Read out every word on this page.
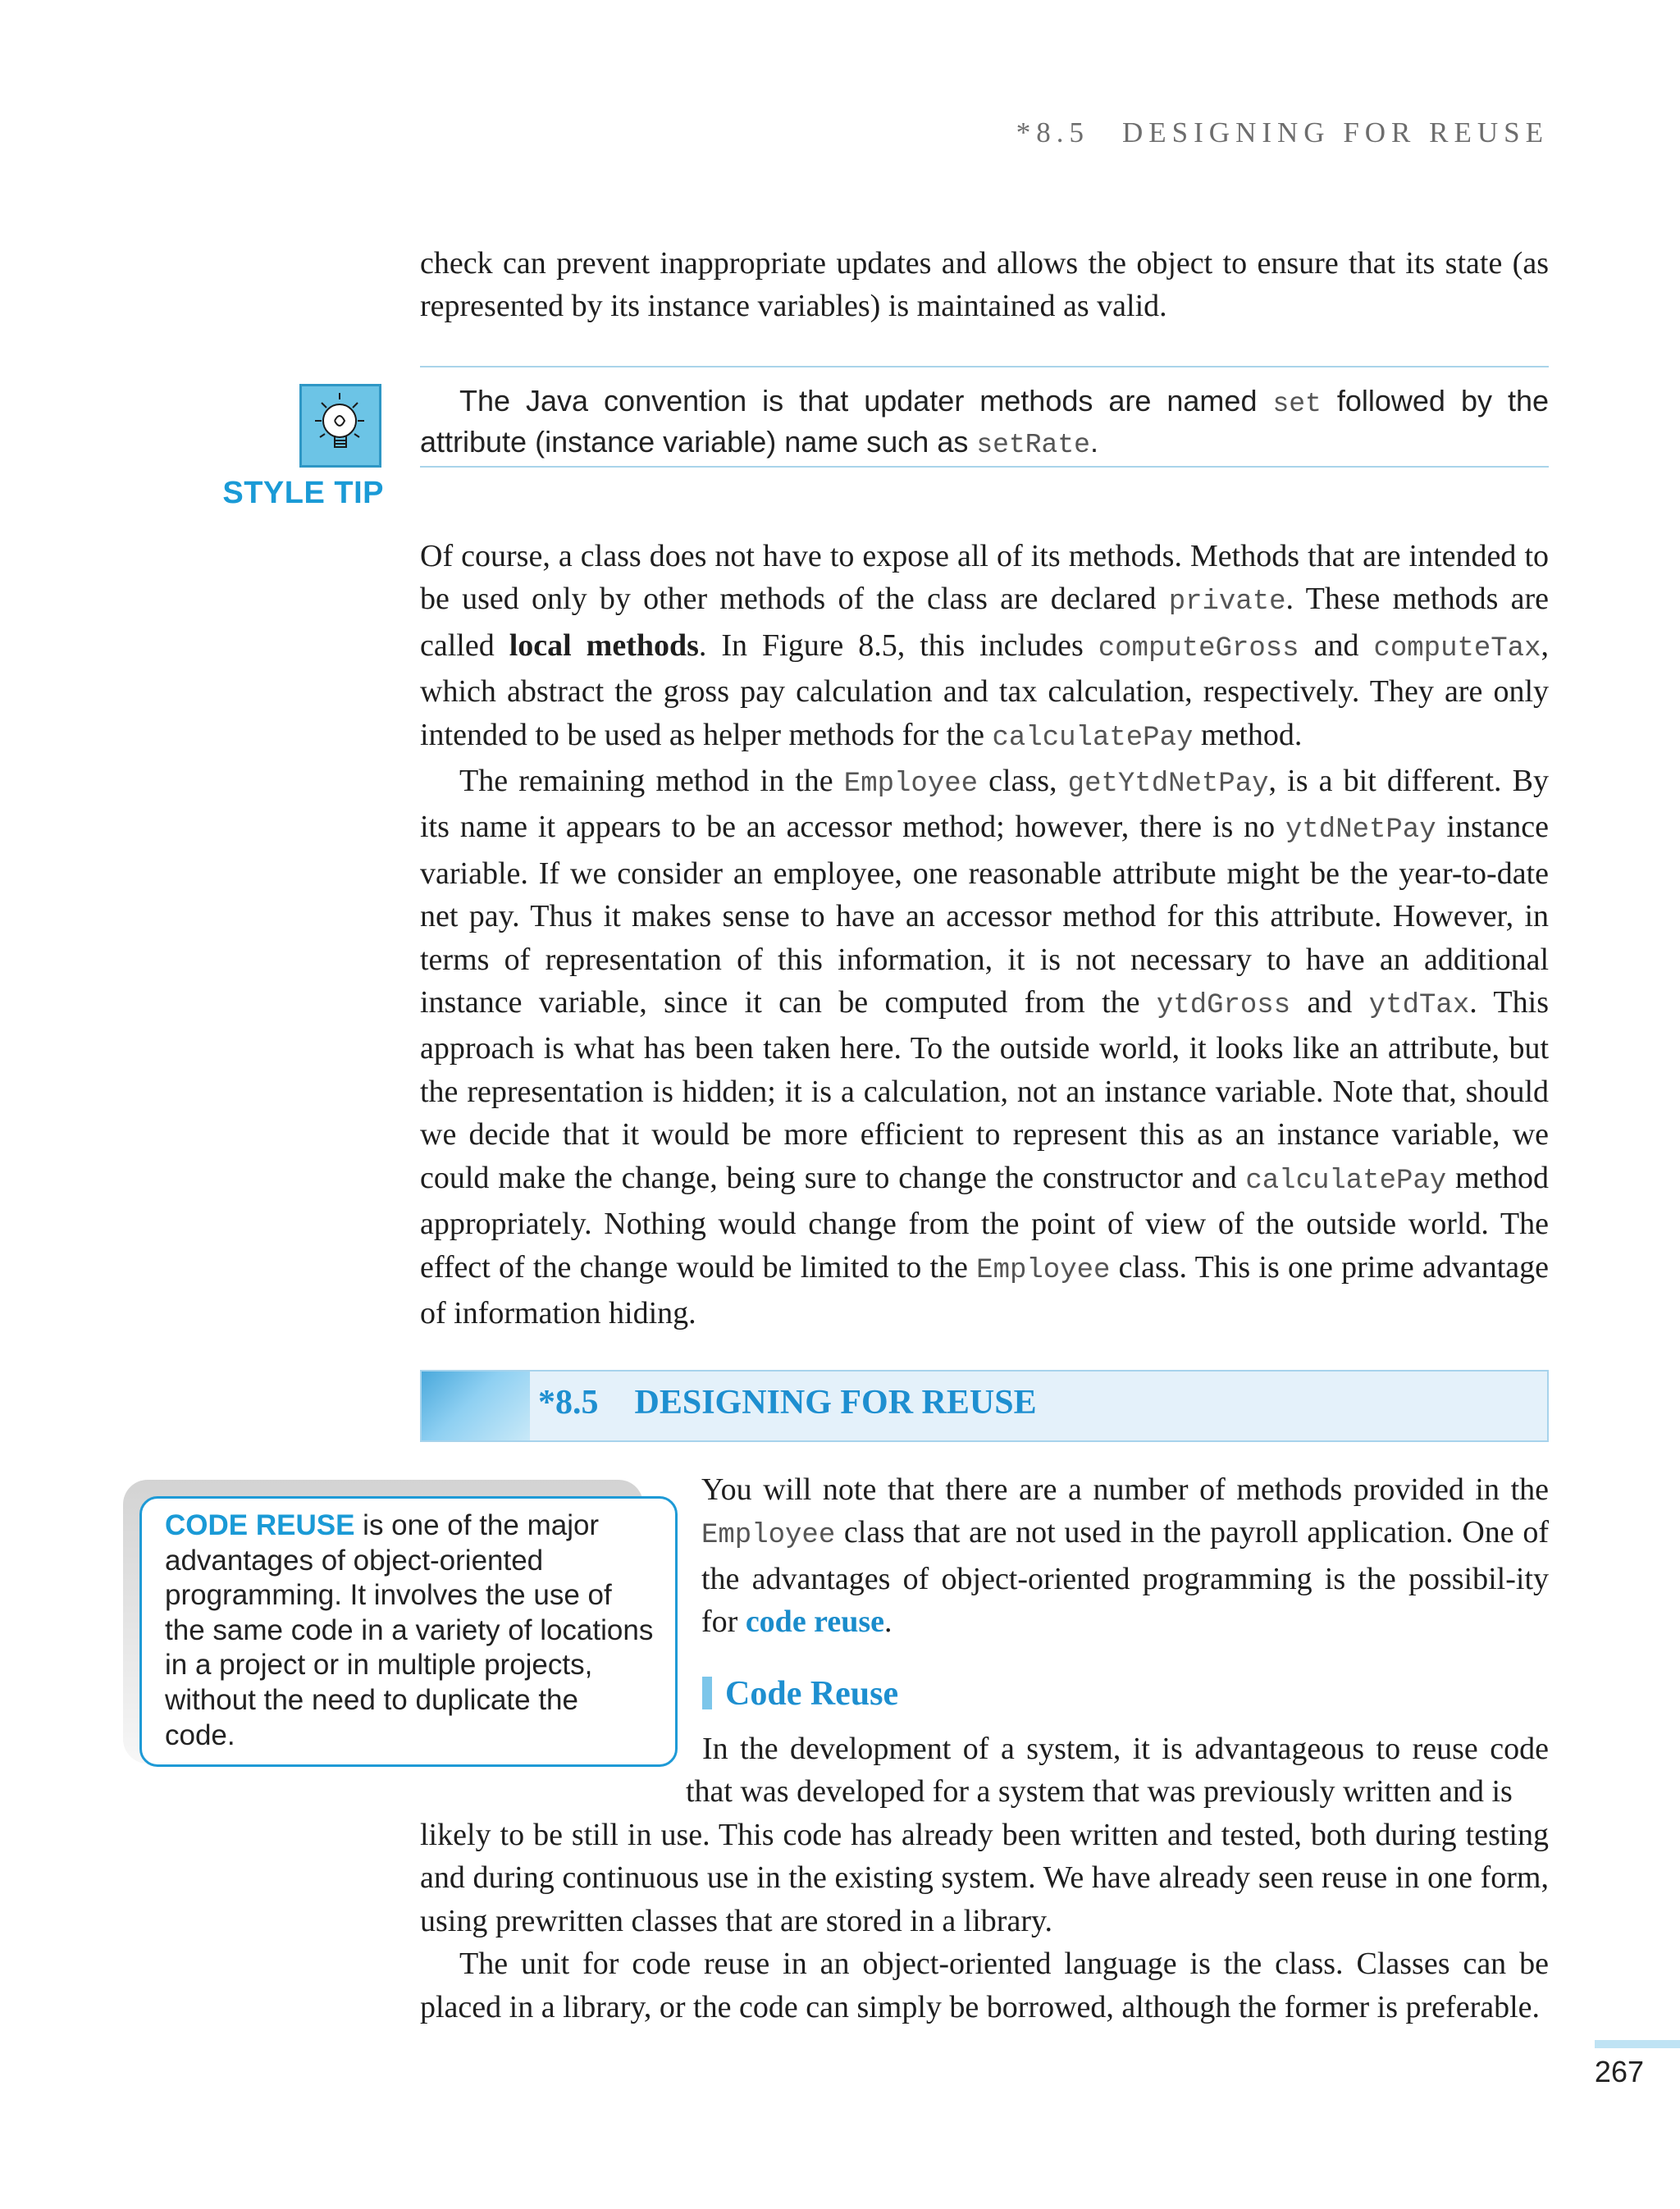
*8.5 DESIGNING FOR REUSE

check can prevent inappropriate updates and allows the object to ensure that its state (as represented by its instance variables) is maintained as valid.

STYLE TIP

The Java convention is that updater methods are named set followed by the attribute (instance variable) name such as setRate.

Of course, a class does not have to expose all of its methods. Methods that are intended to be used only by other methods of the class are declared private. These methods are called local methods. In Figure 8.5, this includes computeGross and computeTax, which abstract the gross pay calculation and tax calculation, respectively. They are only intended to be used as helper methods for the calculatePay method.

The remaining method in the Employee class, getYtdNetPay, is a bit different. By its name it appears to be an accessor method; however, there is no ytdNetPay instance variable. If we consider an employee, one reasonable attribute might be the year-to-date net pay. Thus it makes sense to have an accessor method for this attribute. However, in terms of representation of this information, it is not necessary to have an additional instance variable, since it can be computed from the ytdGross and ytdTax. This approach is what has been taken here. To the outside world, it looks like an attribute, but the representation is hidden; it is a calculation, not an instance variable. Note that, should we decide that it would be more efficient to represent this as an instance variable, we could make the change, being sure to change the constructor and calculatePay method appropriately. Nothing would change from the point of view of the outside world. The effect of the change would be limited to the Employee class. This is one prime advantage of information hiding.

*8.5 DESIGNING FOR REUSE
CODE REUSE is one of the major advantages of object-oriented programming. It involves the use of the same code in a variety of locations in a project or in multiple projects, without the need to duplicate the code.

You will note that there are a number of methods provided in the Employee class that are not used in the payroll application. One of the advantages of object-oriented programming is the possibil-ity for code reuse.

Code Reuse

In the development of a system, it is advantageous to reuse code that was developed for a system that was previously written and is

likely to be still in use. This code has already been written and tested, both during testing and during continuous use in the existing system. We have already seen reuse in one form, using prewritten classes that are stored in a library.

The unit for code reuse in an object-oriented language is the class. Classes can be placed in a library, or the code can simply be borrowed, although the former is preferable.

267
